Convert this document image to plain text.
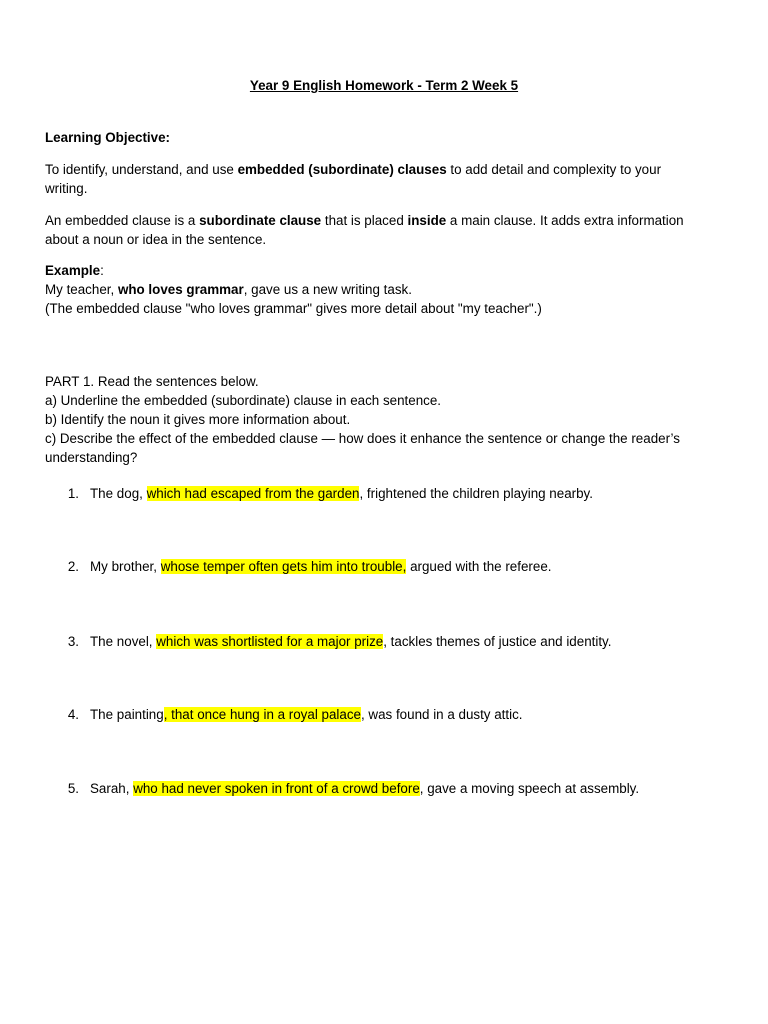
Year 9 English Homework - Term 2 Week 5
Learning Objective:
To identify, understand, and use embedded (subordinate) clauses to add detail and complexity to your
writing.
An embedded clause is a subordinate clause that is placed inside a main clause. It adds extra information
about a noun or idea in the sentence.
Example:
My teacher, who loves grammar, gave us a new writing task.
(The embedded clause "who loves grammar" gives more detail about "my teacher".)
PART 1. Read the sentences below.
a) Underline the embedded (subordinate) clause in each sentence.
b) Identify the noun it gives more information about.
c) Describe the effect of the embedded clause — how does it enhance the sentence or change the reader’s
understanding?
1. The dog, which had escaped from the garden, frightened the children playing nearby.
2. My brother, whose temper often gets him into trouble, argued with the referee.
3. The novel, which was shortlisted for a major prize, tackles themes of justice and identity.
4. The painting, that once hung in a royal palace, was found in a dusty attic.
5. Sarah, who had never spoken in front of a crowd before, gave a moving speech at assembly.
